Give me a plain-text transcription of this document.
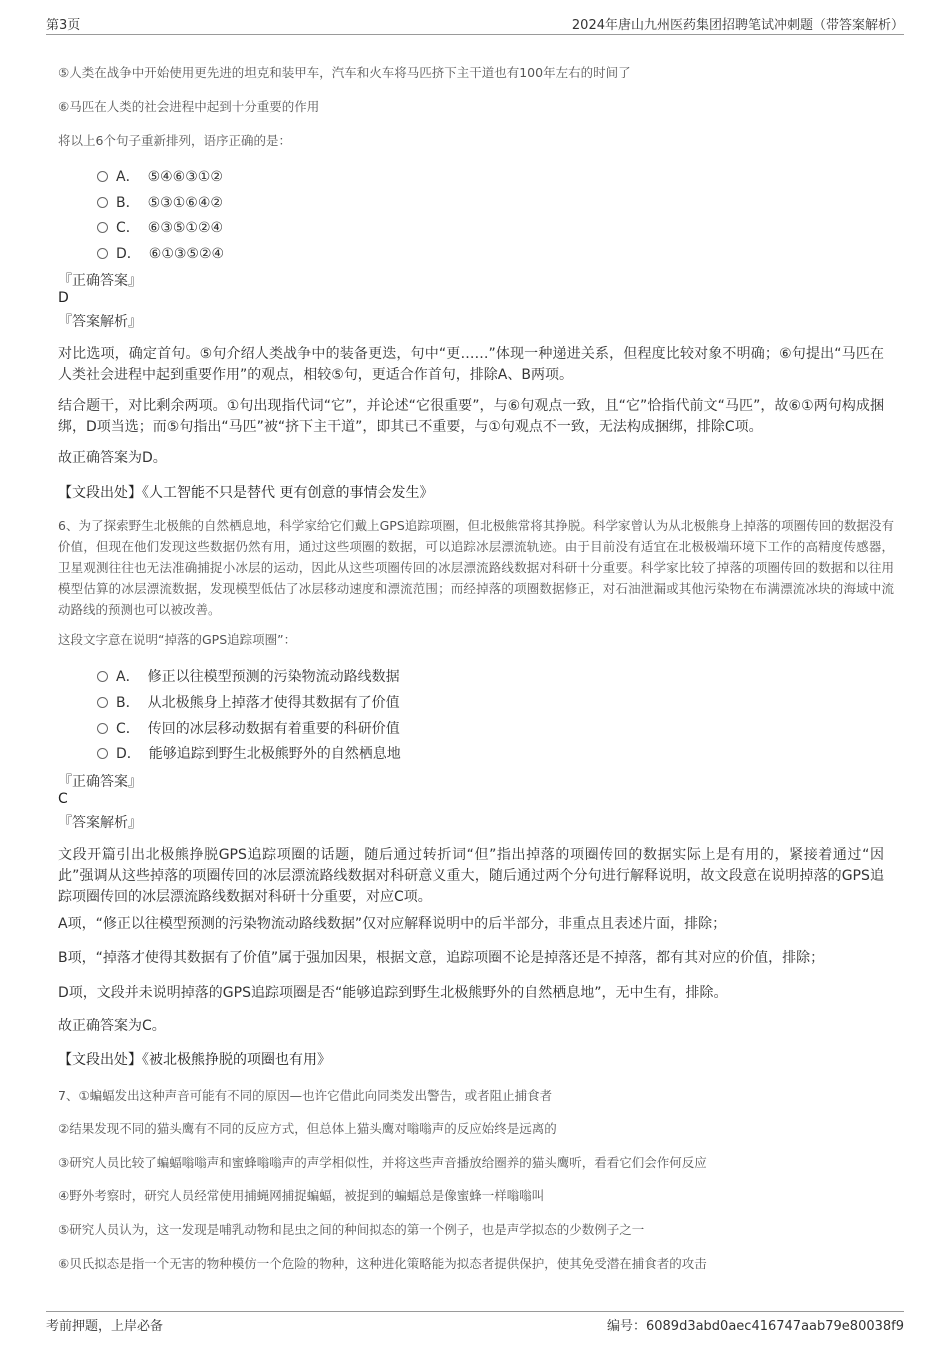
第3页	2024年唐山九州医药集团招聘笔试冲刺题（带答案解析）
⑤人类在战争中开始使用更先进的坦克和装甲车，汽车和火车将马匹挤下主干道也有100年左右的时间了
⑥马匹在人类的社会进程中起到十分重要的作用
将以上6个句子重新排列，语序正确的是：
A． ⑤④⑥③①②
B． ⑤③①⑥④②
C． ⑥③⑤①②④
D． ⑥①③⑤②④
『正确答案』
D
『答案解析』
对比选项，确定首句。⑤句介绍人类战争中的装备更迭，句中“更……”体现一种递进关系，但程度比较对象不明确；⑥句提出“马匹在人类社会进程中起到重要作用”的观点，相较⑤句，更适合作首句，排除A、B两项。
结合题干，对比剩余两项。①句出现指代词“它”，并论述“它很重要”，与⑥句观点一致，且“它”恰指代前文“马匹”，故⑥①两句构成捆绑，D项当选；而⑤句指出“马匹”被“挤下主干道”，即其已不重要，与①句观点不一致，无法构成捆绑，排除C项。
故正确答案为D。
【文段出处】《人工智能不只是替代 更有创意的事情会发生》
6、为了探索野生北极熊的自然栖息地，科学家给它们戴上GPS追踪项圈，但北极熊常将其挣脱。科学家曾认为从北极熊身上掉落的项圈传回的数据没有价值，但现在他们发现这些数据仍然有用，通过这些项圈的数据，可以追踪冰层漂流轨迹。由于目前没有适宜在北极极端环境下工作的高精度传感器，卫星观测往往也无法准确捕捉小冰层的运动，因此从这些项圈传回的冰层漂流路线数据对科研十分重要。科学家比较了掉落的项圈传回的数据和以往用模型估算的冰层漂流数据，发现模型低估了冰层移动速度和漂流范围；而经掉落的项圈数据修正，对石油泄漏或其他污染物在布满漂流冰块的海域中流动路线的预测也可以被改善。
这段文字意在说明“掉落的GPS追踪项圈”：
A． 修正以往模型预测的污染物流动路线数据
B． 从北极熊身上掉落才使得其数据有了价值
C． 传回的冰层移动数据有着重要的科研价值
D． 能够追踪到野生北极熊野外的自然栖息地
『正确答案』
C
『答案解析』
文段开篇引出北极熊挣脱GPS追踪项圈的话题，随后通过转折词“但”指出掉落的项圈传回的数据实际上是有用的，紧接着通过“因此”强调从这些掉落的项圈传回的冰层漂流路线数据对科研意义重大，随后通过两个分句进行解释说明，故文段意在说明掉落的GPS追踪项圈传回的冰层漂流路线数据对科研十分重要，对应C项。
A项，“修正以往模型预测的污染物流动路线数据”仅对应解释说明中的后半部分，非重点且表述片面，排除；
B项，“掉落才使得其数据有了价值”属于强加因果，根据文意，追踪项圈不论是掉落还是不掉落，都有其对应的价值，排除；
D项，文段并未说明掉落的GPS追踪项圈是否“能够追踪到野生北极熊野外的自然栖息地”，无中生有，排除。
故正确答案为C。
【文段出处】《被北极熊挣脱的项圈也有用》
7、①蝙蝠发出这种声音可能有不同的原因—也许它借此向同类发出警告，或者阻止捕食者
②结果发现不同的猫头鹰有不同的反应方式，但总体上猫头鹰对嗡嗡声的反应始终是远离的
③研究人员比较了蝙蝠嗡嗡声和蜜蜂嗡嗡声的声学相似性，并将这些声音播放给圈养的猫头鹰听，看看它们会作何反应
④野外考察时，研究人员经常使用捕蝇网捕捉蝙蝠，被捉到的蝙蝠总是像蜜蜂一样嗡嗡叫
⑤研究人员认为，这一发现是哺乳动物和昆虫之间的种间拟态的第一个例子，也是声学拟态的少数例子之一
⑥贝氏拟态是指一个无害的物种模仿一个危险的物种，这种进化策略能为拟态者提供保护，使其免受潜在捕食者的攻击
考前押题，上岸必备	编号：6089d3abd0aec416747aab79e80038f9
